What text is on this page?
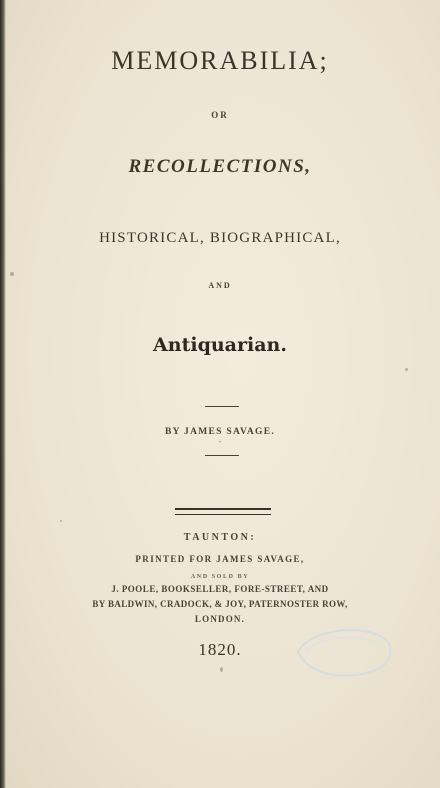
MEMORABILIA;
OR
RECOLLECTIONS,
HISTORICAL, BIOGRAPHICAL,
AND
Antiquarian.
BY JAMES SAVAGE.
"
TAUNTON:
PRINTED FOR JAMES SAVAGE,
AND SOLD BY
J. POOLE, BOOKSELLER, FORE-STREET, AND
BY BALDWIN, CRADOCK, & JOY, PATERNOSTER ROW,
LONDON.
1820.
